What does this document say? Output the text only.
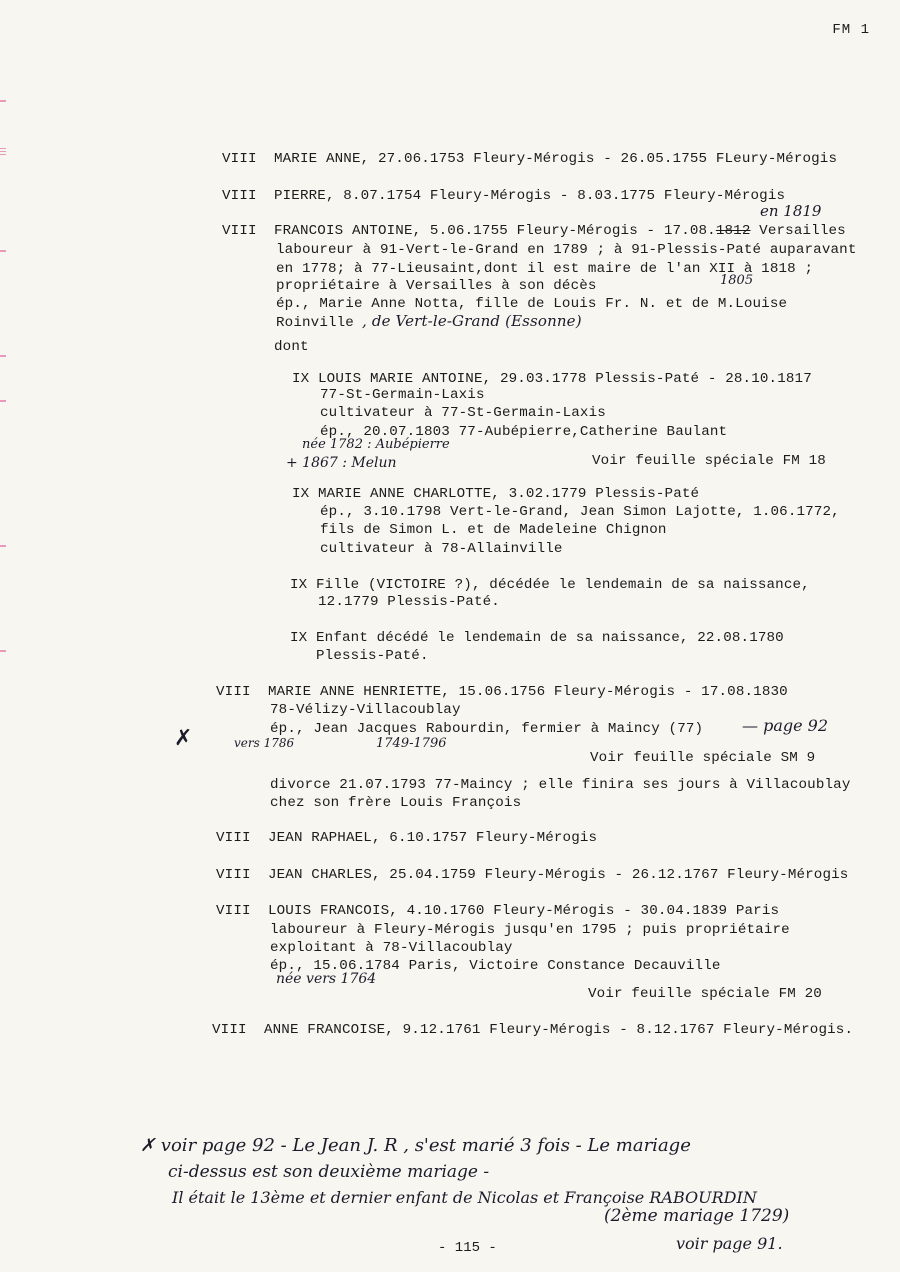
FM 1
VIII MARIE ANNE, 27.06.1753 Fleury-Mérogis - 26.05.1755 FLeury-Mérogis
VIII PIERRE, 8.07.1754 Fleury-Mérogis - 8.03.1775 Fleury-Mérogis
en 1819
VIII FRANCOIS ANTOINE, 5.06.1755 Fleury-Mérogis - 17.08.1812 Versailles
laboureur à 91-Vert-le-Grand en 1789 ; à 91-Plessis-Paté auparavant
en 1778; à 77-Lieusaint,dont il est maire de l'an XII à 1818 ;
1805
propriétaire à Versailles à son décès
ép., Marie Anne Notta, fille de Louis Fr. N. et de M.Louise
Roinville , de Vert-le-Grand (Essonne)
dont
IX LOUIS MARIE ANTOINE, 29.03.1778 Plessis-Paté - 28.10.1817
77-St-Germain-Laxis
cultivateur à 77-St-Germain-Laxis
ép., 20.07.1803 77-Aubépierre,Catherine Baulant
née 1782 : Aubépierre
+ 1867 : Melun	Voir feuille spéciale FM 18
IX MARIE ANNE CHARLOTTE, 3.02.1779 Plessis-Paté
ép., 3.10.1798 Vert-le-Grand, Jean Simon Lajotte, 1.06.1772,
fils de Simon L. et de Madeleine Chignon
cultivateur à 78-Allainville
IX Fille (VICTOIRE ?), décédée le lendemain de sa naissance,
12.1779 Plessis-Paté.
IX Enfant décédé le lendemain de sa naissance, 22.08.1780
Plessis-Paté.
VIII MARIE ANNE HENRIETTE, 15.06.1756 Fleury-Mérogis - 17.08.1830
78-Vélizy-Villacoublay
ép., Jean Jacques Rabourdin, fermier à Maincy (77)
✗	vers 1786	1749-1796
— page 92
Voir feuille spéciale SM 9
divorce 21.07.1793 77-Maincy ; elle finira ses jours à Villacoublay
chez son frère Louis François
VIII JEAN RAPHAEL, 6.10.1757 Fleury-Mérogis
VIII JEAN CHARLES, 25.04.1759 Fleury-Mérogis - 26.12.1767 Fleury-Mérogis
VIII LOUIS FRANCOIS, 4.10.1760 Fleury-Mérogis - 30.04.1839 Paris
laboureur à Fleury-Mérogis jusqu'en 1795 ; puis propriétaire
exploitant à 78-Villacoublay
ép., 15.06.1784 Paris, Victoire Constance Decauville
née vers 1764
Voir feuille spéciale FM 20
VIII ANNE FRANCOISE, 9.12.1761 Fleury-Mérogis - 8.12.1767 Fleury-Mérogis.
✗ voir page 92 - Le Jean J. R , s'est marié 3 fois - Le mariage
ci-dessus est son deuxième mariage -
Il était le 13ème et dernier enfant de Nicolas et Françoise RABOURDIN
(2ème mariage 1729)
voir page 91.
- 115 -
